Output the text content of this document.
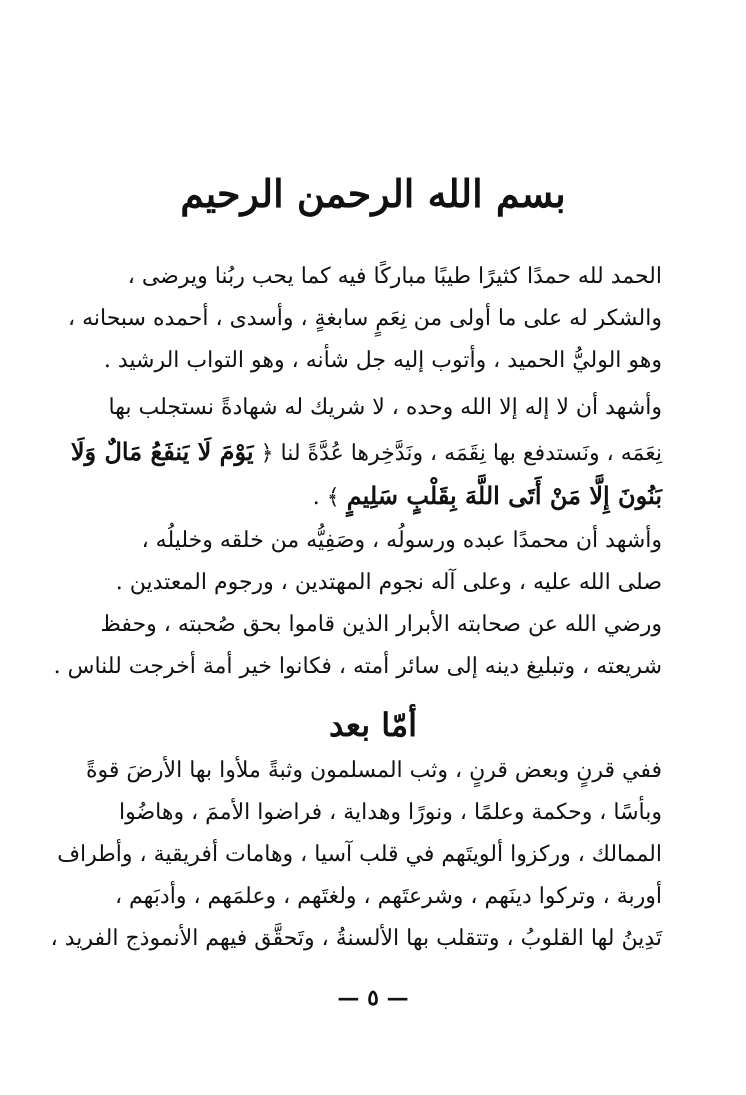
بسم الله الرحمن الرحيم
الحمد لله حمدًا كثيرًا طيبًا مباركًا فيه كما يحب ربُنا ويرضى ،
والشكر له على ما أولى من نِعَمٍ سابغةٍ ، وأسدى ، أحمده سبحانه ،
وهو الوليُّ الحميد ، وأتوب إليه جل شأنه ، وهو التواب الرشيد .
وأشهد أن لا إله إلا الله وحده ، لا شريك له شهادةً نستجلب بها
نِعَمَه ، ونَستدفع بها نِقَمَه ، ونَدَّخِرها عُدَّةً لنا ﴿ يَوْمَ لَا يَنفَعُ مَالٌ وَلَا
بَنُونَ إِلَّا مَنْ أَتَى اللَّهَ بِقَلْبٍ سَلِيمٍ ﴾ .
وأشهد أن محمدًا عبده ورسولُه ، وصَفِيُّه من خلقه وخليلُه ،
صلى الله عليه ، وعلى آله نجوم المهتدين ، ورجوم المعتدين .
ورضي الله عن صحابته الأبرار الذين قاموا بحق صُحبته ، وحفظ
شريعته ، وتبليغ دينه إلى سائر أمته ، فكانوا خير أمة أخرجت للناس .
أمّا بعد
ففي قرنٍ وبعض قرنٍ ، وثب المسلمون وثبةً ملأوا بها الأرضَ قوةً
وبأسًا ، وحكمة وعلمًا ، ونورًا وهداية ، فراضوا الأممَ ، وهاضُوا
الممالك ، وركزوا ألويتَهم في قلب آسيا ، وهامات أفريقية ، وأطراف
أوربة ، وتركوا دينَهم ، وشرعتَهم ، ولغتَهم ، وعلمَهم ، وأدبَهم ،
تَدِينُ لها القلوبُ ، وتتقلب بها الألسنةُ ، وتَحقَّق فيهم الأنموذج الفريد ،
— ٥ —
